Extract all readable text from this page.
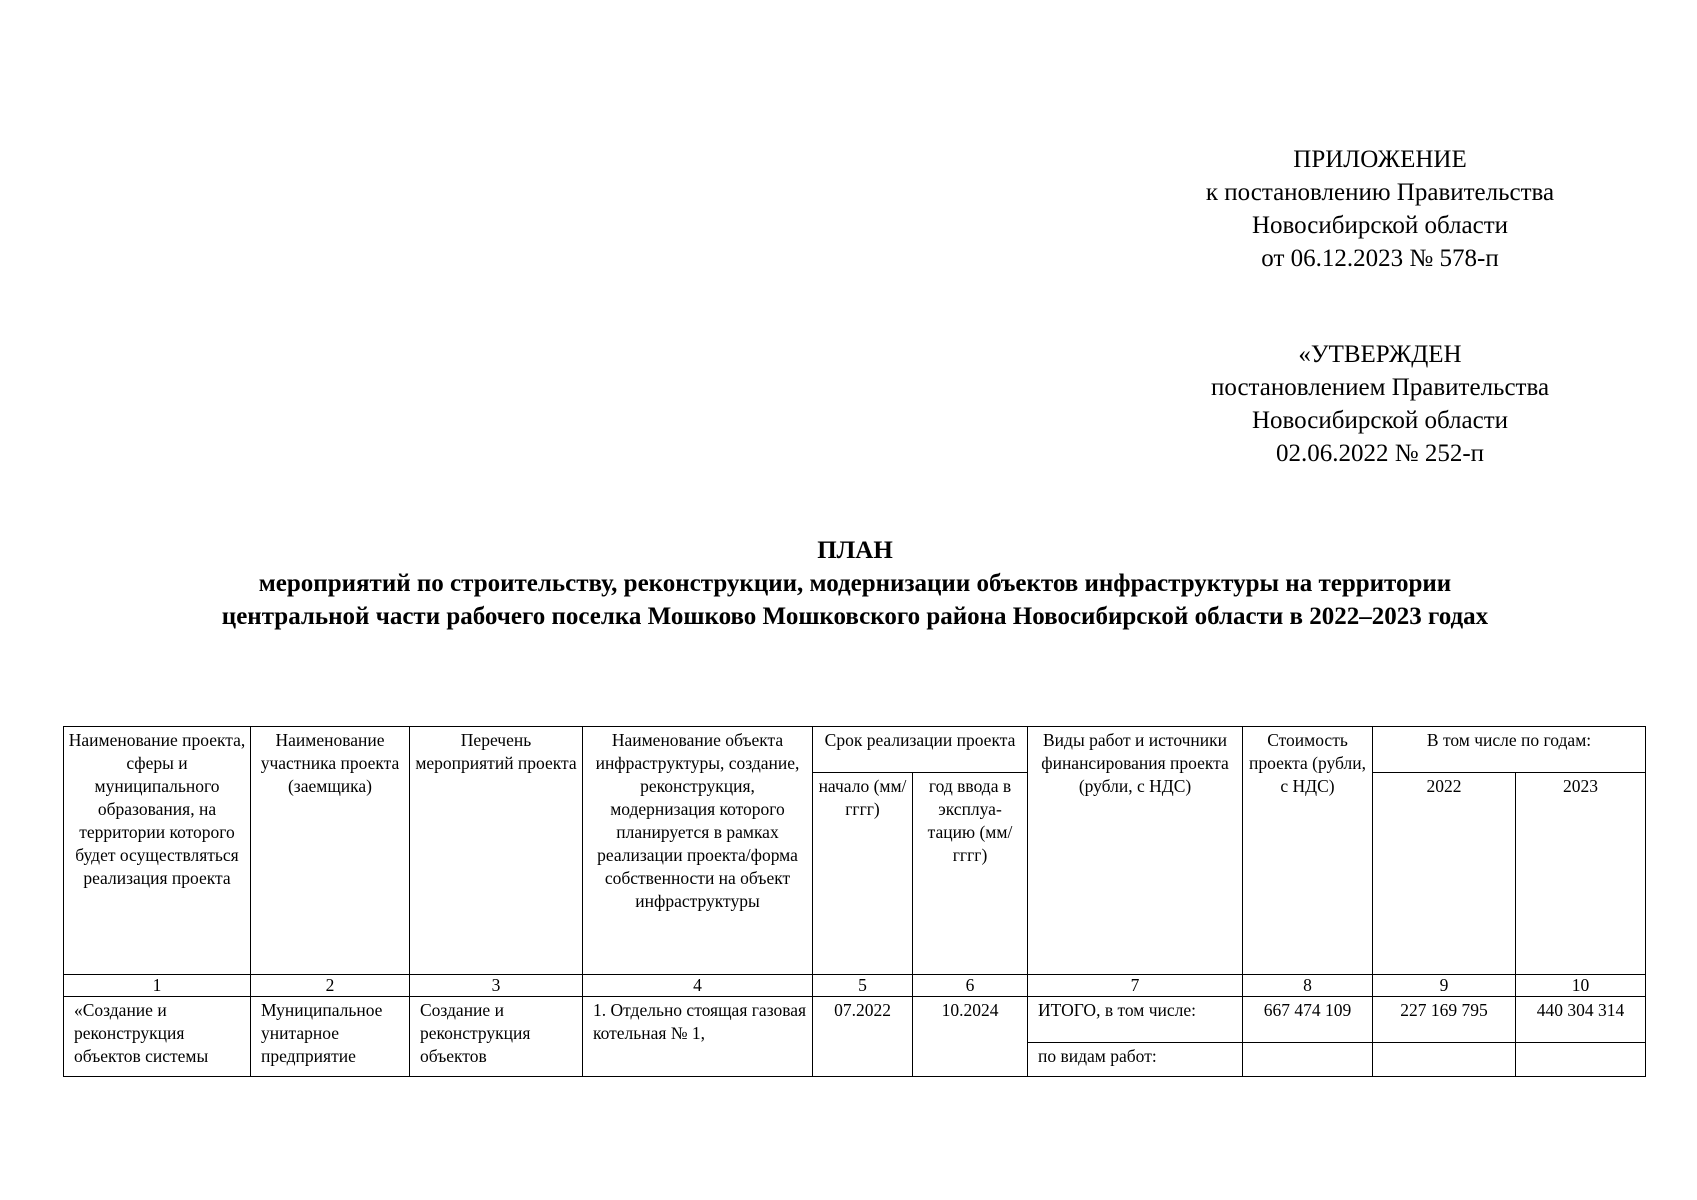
ПРИЛОЖЕНИЕ
к постановлению Правительства
Новосибирской области
от 06.12.2023 № 578-п
«УТВЕРЖДЕН
постановлением Правительства
Новосибирской области
02.06.2022 № 252-п
ПЛАН
мероприятий по строительству, реконструкции, модернизации объектов инфраструктуры на территории
центральной части рабочего поселка Мошково Мошковского района Новосибирской области в 2022–2023 годах
Наименование проекта, сферы и муниципального образования, на территории которого будет осуществляться реализация проекта	Наименование участника проекта (заемщика)	Перечень мероприятий проекта	Наименование объекта инфраструктуры, создание, реконструкция, модернизация которого планируется в рамках реализации проекта/форма собственности на объект инфраструктуры	Срок реализации проекта		Виды работ и источники финансирования проекта (рубли, с НДС)	Стоимость проекта (рубли, с НДС)	В том числе по годам:	
				начало (мм/гггг)	год ввода в эксплуа-тацию (мм/гггг)			2022	2023
1	2	3	4	5	6	7	8	9	10
«Создание и реконструкция объектов системы	Муниципальное унитарное предприятие	Создание и реконструкция объектов	1. Отдельно стоящая газовая котельная № 1,	07.2022	10.2024	ИТОГО, в том числе:	667 474 109	227 169 795	440 304 314
						по видам работ:			
